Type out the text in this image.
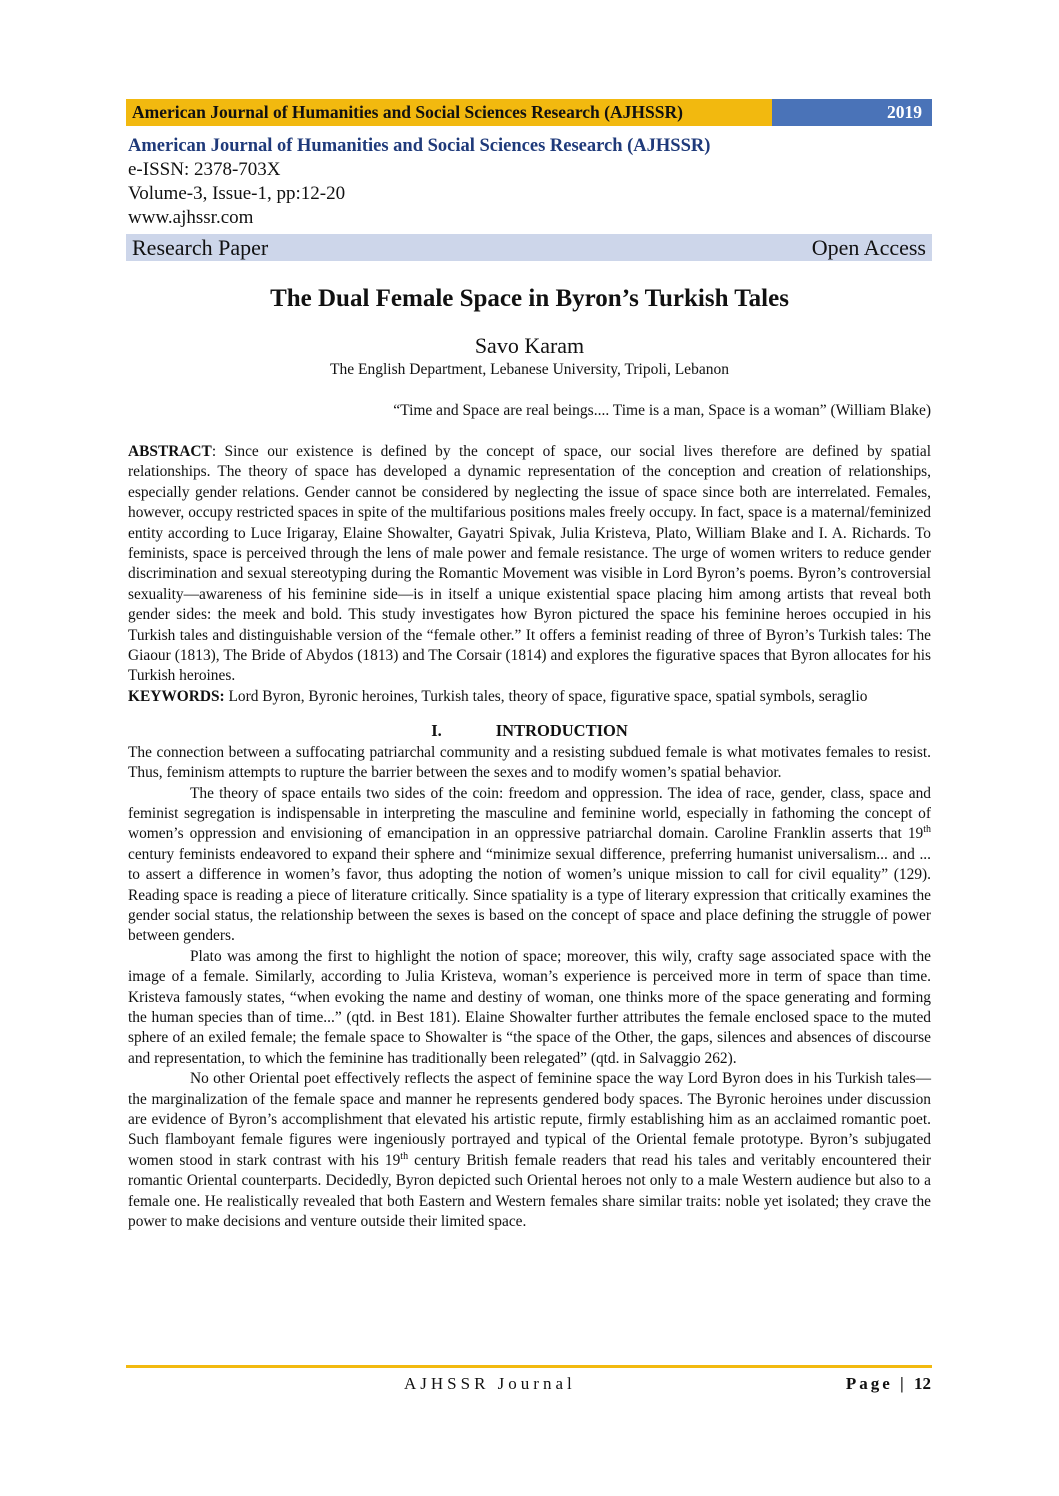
American Journal of Humanities and Social Sciences Research (AJHSSR)	2019
American Journal of Humanities and Social Sciences Research (AJHSSR)
e-ISSN: 2378-703X
Volume-3, Issue-1, pp:12-20
www.ajhssr.com
Research Paper	Open Access
The Dual Female Space in Byron’s Turkish Tales
Savo Karam
The English Department, Lebanese University, Tripoli, Lebanon
“Time and Space are real beings.... Time is a man, Space is a woman” (William Blake)

ABSTRACT: Since our existence is defined by the concept of space, our social lives therefore are defined by spatial relationships. The theory of space has developed a dynamic representation of the conception and creation of relationships, especially gender relations. Gender cannot be considered by neglecting the issue of space since both are interrelated. Females, however, occupy restricted spaces in spite of the multifarious positions males freely occupy. In fact, space is a maternal/feminized entity according to Luce Irigaray, Elaine Showalter, Gayatri Spivak, Julia Kristeva, Plato, William Blake and I. A. Richards. To feminists, space is perceived through the lens of male power and female resistance. The urge of women writers to reduce gender discrimination and sexual stereotyping during the Romantic Movement was visible in Lord Byron’s poems. Byron’s controversial sexuality—awareness of his feminine side—is in itself a unique existential space placing him among artists that reveal both gender sides: the meek and bold. This study investigates how Byron pictured the space his feminine heroes occupied in his Turkish tales and distinguishable version of the “female other.” It offers a feminist reading of three of Byron’s Turkish tales: The Giaour (1813), The Bride of Abydos (1813) and The Corsair (1814) and explores the figurative spaces that Byron allocates for his Turkish heroines.

KEYWORDS: Lord Byron, Byronic heroines, Turkish tales, theory of space, figurative space, spatial symbols, seraglio

I.	INTRODUCTION

The connection between a suffocating patriarchal community and a resisting subdued female is what motivates females to resist. Thus, feminism attempts to rupture the barrier between the sexes and to modify women’s spatial behavior.

The theory of space entails two sides of the coin: freedom and oppression. The idea of race, gender, class, space and feminist segregation is indispensable in interpreting the masculine and feminine world, especially in fathoming the concept of women’s oppression and envisioning of emancipation in an oppressive patriarchal domain. Caroline Franklin asserts that 19th century feminists endeavored to expand their sphere and “minimize sexual difference, preferring humanist universalism... and ... to assert a difference in women’s favor, thus adopting the notion of women’s unique mission to call for civil equality” (129). Reading space is reading a piece of literature critically. Since spatiality is a type of literary expression that critically examines the gender social status, the relationship between the sexes is based on the concept of space and place defining the struggle of power between genders.

Plato was among the first to highlight the notion of space; moreover, this wily, crafty sage associated space with the image of a female. Similarly, according to Julia Kristeva, woman’s experience is perceived more in term of space than time. Kristeva famously states, “when evoking the name and destiny of woman, one thinks more of the space generating and forming the human species than of time...” (qtd. in Best 181). Elaine Showalter further attributes the female enclosed space to the muted sphere of an exiled female; the female space to Showalter is “the space of the Other, the gaps, silences and absences of discourse and representation, to which the feminine has traditionally been relegated” (qtd. in Salvaggio 262).

No other Oriental poet effectively reflects the aspect of feminine space the way Lord Byron does in his Turkish tales—the marginalization of the female space and manner he represents gendered body spaces. The Byronic heroines under discussion are evidence of Byron’s accomplishment that elevated his artistic repute, firmly establishing him as an acclaimed romantic poet. Such flamboyant female figures were ingeniously portrayed and typical of the Oriental female prototype. Byron’s subjugated women stood in stark contrast with his 19th century British female readers that read his tales and veritably encountered their romantic Oriental counterparts. Decidedly, Byron depicted such Oriental heroes not only to a male Western audience but also to a female one. He realistically revealed that both Eastern and Western females share similar traits: noble yet isolated; they crave the power to make decisions and venture outside their limited space.

AJHSSR Journal	Page | 12
